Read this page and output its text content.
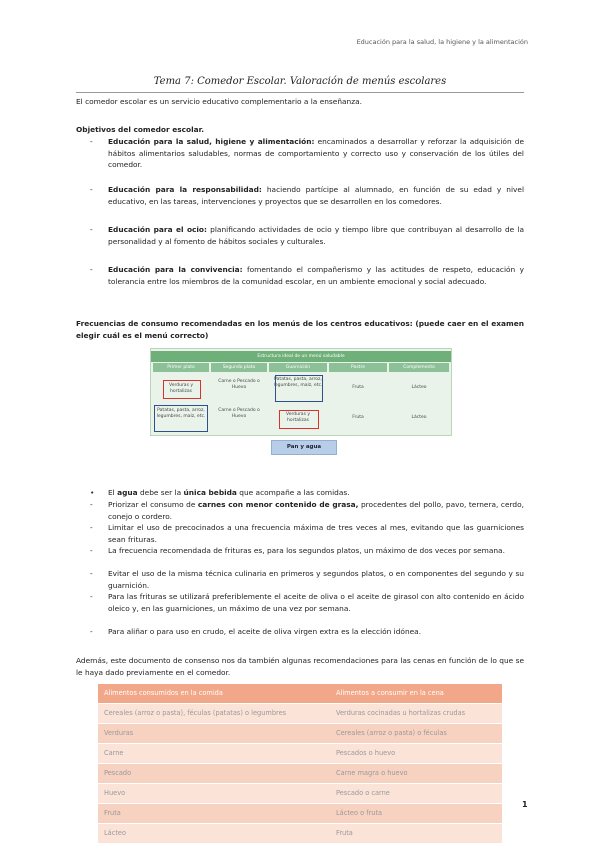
Educación para la salud, la higiene y la alimentación
Tema 7: Comedor Escolar. Valoración de menús escolares
El comedor escolar es un servicio educativo complementario a la enseñanza.
Objetivos del comedor escolar.
- Educación para la salud, higiene y alimentación: encaminados a desarrollar y reforzar la adquisición de hábitos alimentarios saludables, normas de comportamiento y correcto uso y conservación de los útiles del comedor.
- Educación para la responsabilidad: haciendo partícipe al alumnado, en función de su edad y nivel educativo, en las tareas, intervenciones y proyectos que se desarrollen en los comedores.
- Educación para el ocio: planificando actividades de ocio y tiempo libre que contribuyan al desarrollo de la personalidad y al fomento de hábitos sociales y culturales.
- Educación para la convivencia: fomentando el compañerismo y las actitudes de respeto, educación y tolerancia entre los miembros de la comunidad escolar, en un ambiente emocional y social adecuado.
Frecuencias de consumo recomendadas en los menús de los centros educativos: (puede caer en el examen elegir cuál es el menú correcto)
Estructura ideal de un menú saludable
Primer plato	Segundo plato	Guarnición	Postre	Complemento
Verduras y hortalizas
Carne o Pescado o Huevo
Patatas, pasta, arroz, legumbres, maíz, etc.	Fruta	Lácteo
Patatas, pasta, arroz, legumbres, maíz, etc.
Carne o Pescado o Huevo	Verduras y hortalizas
Fruta	Lácteo
Pan y agua
• El agua debe ser la única bebida que acompañe a las comidas.
- Priorizar el consumo de carnes con menor contenido de grasa, procedentes del pollo, pavo, ternera, cerdo, conejo o cordero.
- Limitar el uso de precocinados a una frecuencia máxima de tres veces al mes, evitando que las guarniciones sean frituras.
- La frecuencia recomendada de frituras es, para los segundos platos, un máximo de dos veces por semana.
- Evitar el uso de la misma técnica culinaria en primeros y segundos platos, o en componentes del segundo y su guarnición.
- Para las frituras se utilizará preferiblemente el aceite de oliva o el aceite de girasol con alto contenido en ácido oleico y, en las guarniciones, un máximo de una vez por semana.
- Para aliñar o para uso en crudo, el aceite de oliva virgen extra es la elección idónea.
Además, este documento de consenso nos da también algunas recomendaciones para las cenas en función de lo que se le haya dado previamente en el comedor.
Alimentos consumidos en la comida	Alimentos a consumir en la cena
Cereales (arroz o pasta), féculas (patatas) o legumbres	Verduras cocinadas u hortalizas crudas
Verduras	Cereales (arroz o pasta) o féculas
Carne	Pescados o huevo
Pescado	Carne magra o huevo
Huevo	Pescado o carne
Fruta	Lácteo o fruta
Lácteo	Fruta
1
